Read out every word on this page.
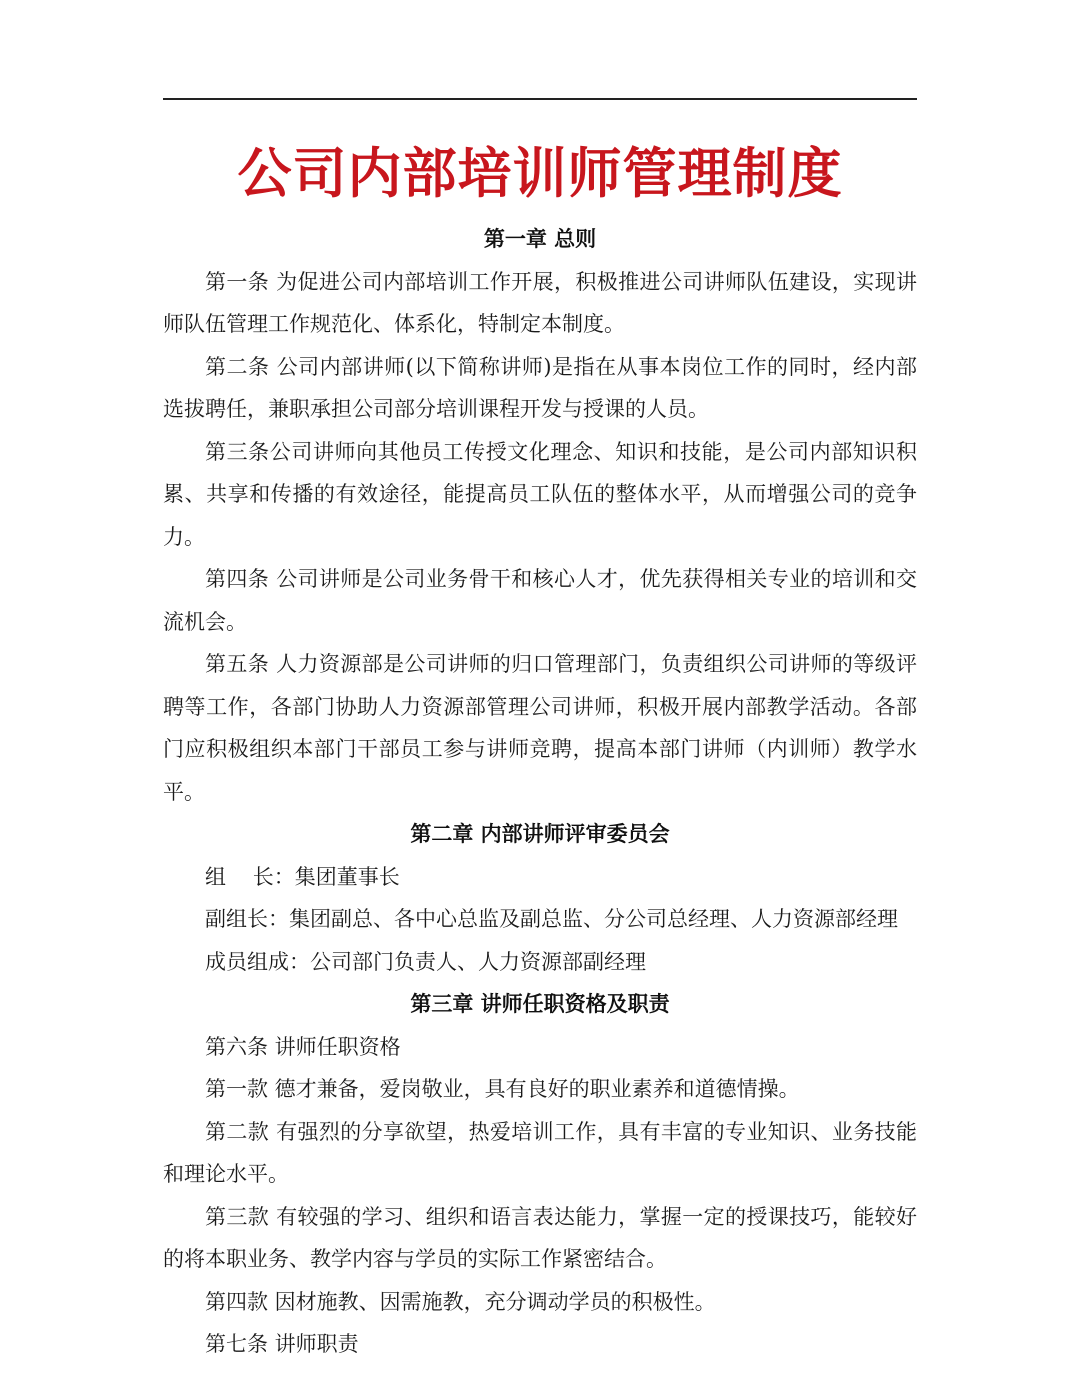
公司内部培训师管理制度
第一章 总则

第一条 为促进公司内部培训工作开展，积极推进公司讲师队伍建设，实现讲师队伍管理工作规范化、体系化，特制定本制度。

第二条 公司内部讲师(以下简称讲师)是指在从事本岗位工作的同时，经内部选拔聘任，兼职承担公司部分培训课程开发与授课的人员。

第三条公司讲师向其他员工传授文化理念、知识和技能，是公司内部知识积累、共享和传播的有效途径，能提高员工队伍的整体水平，从而增强公司的竞争力。

第四条 公司讲师是公司业务骨干和核心人才，优先获得相关专业的培训和交流机会。

第五条 人力资源部是公司讲师的归口管理部门，负责组织公司讲师的等级评聘等工作，各部门协助人力资源部管理公司讲师，积极开展内部教学活动。各部门应积极组织本部门干部员工参与讲师竞聘，提高本部门讲师（内训师）教学水平。

第二章 内部讲师评审委员会

组    长：集团董事长

副组长：集团副总、各中心总监及副总监、分公司总经理、人力资源部经理

成员组成：公司部门负责人、人力资源部副经理

第三章 讲师任职资格及职责

第六条 讲师任职资格

第一款 德才兼备，爱岗敬业，具有良好的职业素养和道德情操。

第二款 有强烈的分享欲望，热爱培训工作，具有丰富的专业知识、业务技能和理论水平。

第三款 有较强的学习、组织和语言表达能力，掌握一定的授课技巧，能较好的将本职业务、教学内容与学员的实际工作紧密结合。

第四款 因材施教、因需施教，充分调动学员的积极性。

第七条 讲师职责
